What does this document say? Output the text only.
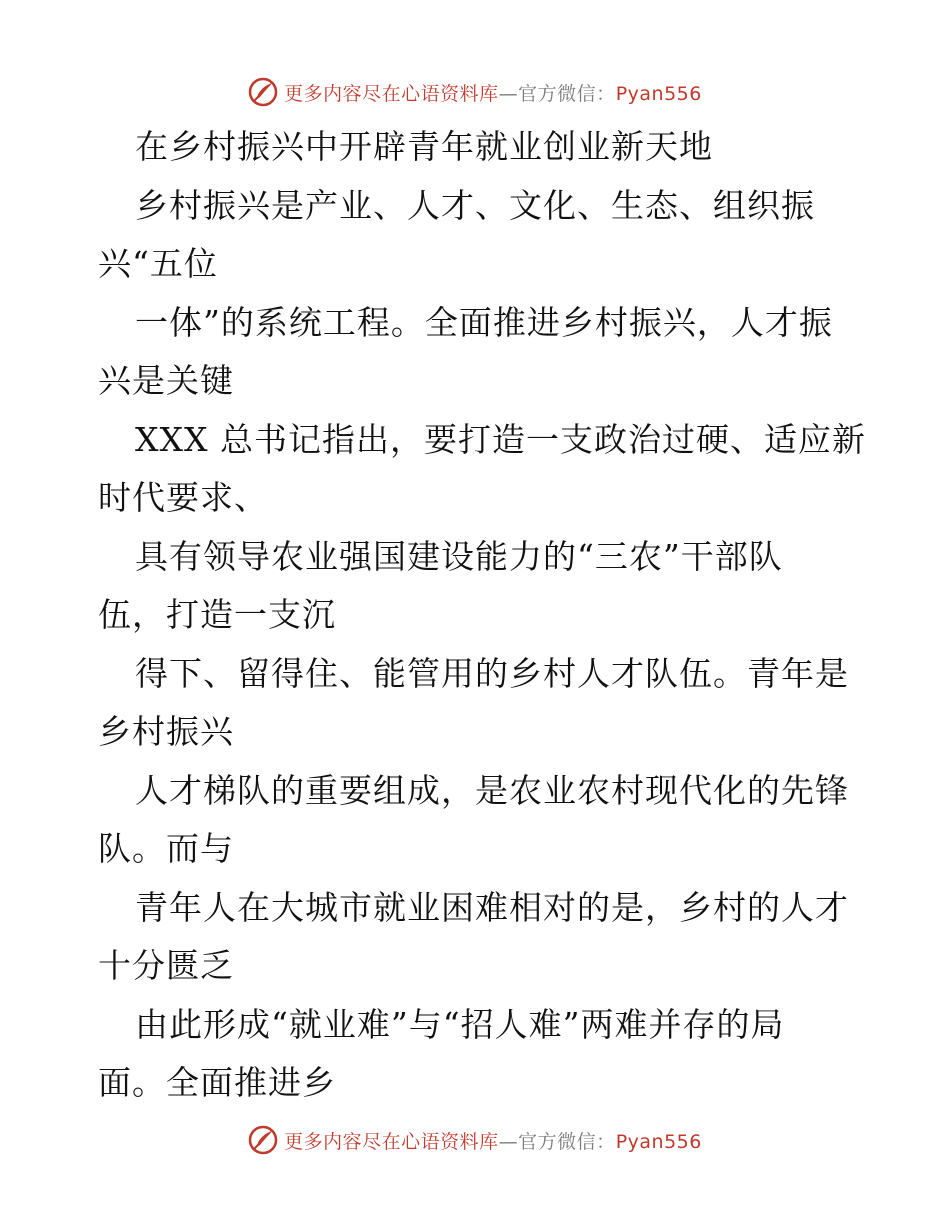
更多内容尽在心语资料库—官方微信：Pyan556
在乡村振兴中开辟青年就业创业新天地
乡村振兴是产业、人才、文化、生态、组织振
兴“五位
一体”的系统工程。全面推进乡村振兴，人才振
兴是关键
XXX 总书记指出，要打造一支政治过硬、适应新
时代要求、
具有领导农业强国建设能力的“三农”干部队
伍，打造一支沉
得下、留得住、能管用的乡村人才队伍。青年是
乡村振兴
人才梯队的重要组成，是农业农村现代化的先锋
队。而与
青年人在大城市就业困难相对的是，乡村的人才
十分匮乏
由此形成“就业难”与“招人难”两难并存的局
面。全面推进乡
更多内容尽在心语资料库—官方微信：Pyan556
